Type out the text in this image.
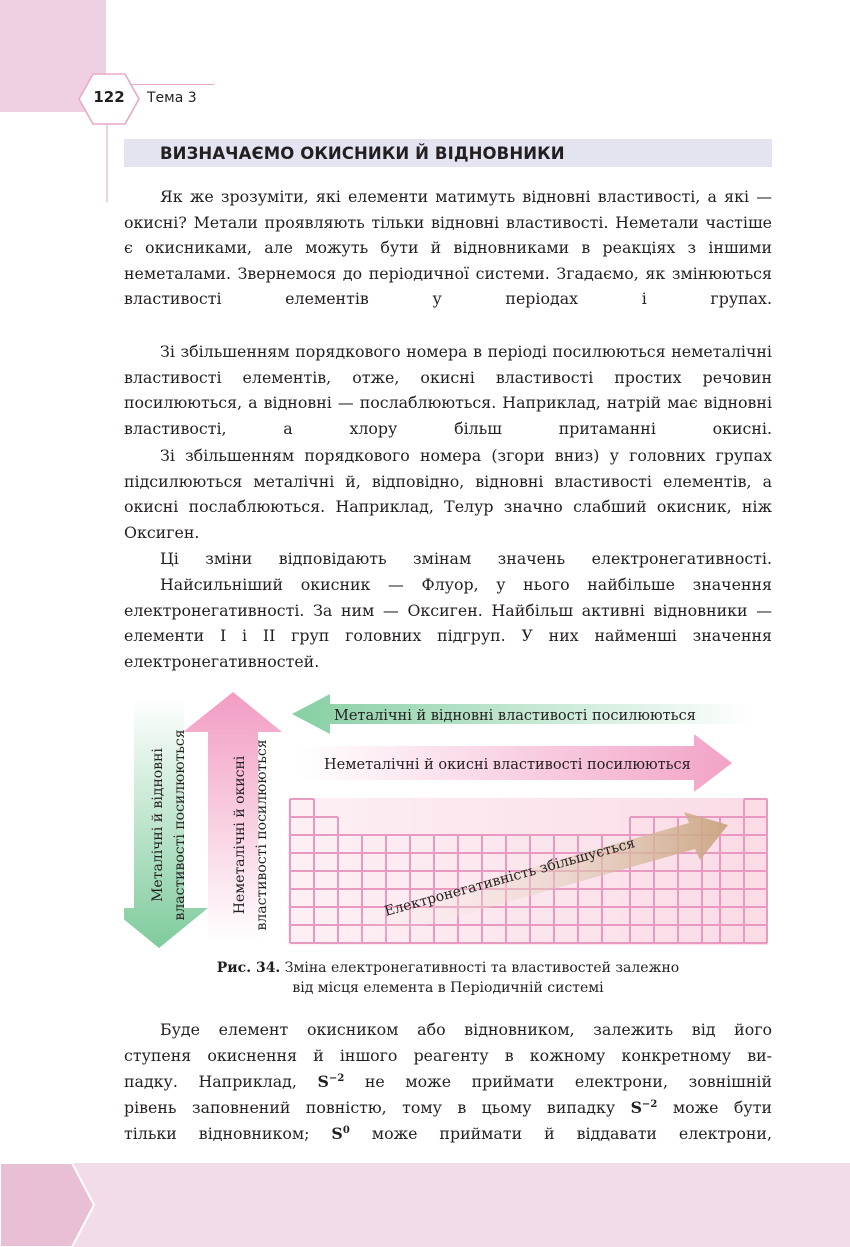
122	Тема 3
ВИЗНАЧАЄМО ОКИСНИКИ Й ВІДНОВНИКИ

Як же зрозуміти, які елементи матимуть відновні властивості, а які — окисні? Метали проявляють тільки відновні властивості. Неметали частіше є окисниками, але можуть бути й відновниками в реакціях з іншими неметалами. Звернемося до періодичної системи. Згадаємо, як змінюються властивості елементів у періодах і групах.

Зі збільшенням порядкового номера в періоді посилюються неметалічні властивості елементів, отже, окисні властивості простих речовин посилюються, а відновні — послаблюються. Наприклад, натрій має відновні властивості, а хлору більш притаманні окисні.

Зі збільшенням порядкового номера (згори вниз) у головних групах підсилюються металічні й, відповідно, відновні властивості елементів, а окисні послаблюються. Наприклад, Телур значно слабший окисник, ніж Оксиген.

Ці зміни відповідають змінам значень електронегативності.

Найсильніший окисник — Флуор, у нього найбільше значення електронегативності. За ним — Оксиген. Найбільш активні відновники — елементи I і II груп головних підгруп. У них найменші значення електронегативностей.

Металічні й відновні властивості посилюються
Неметалічні й окисні властивості посилюються
Металічні й відновні властивості посилюються	Неметалічні й окисні властивості посилюються	Електронегативність збільшується
Рис. 34. Зміна електронегативності та властивостей залежно
від місця елемента в Періодичній системі
Буде елемент окисником або відновником, залежить від його
ступеня окиснення й іншого реагенту в кожному конкретному ви-
падку. Наприклад, $S^{-2}$ не може приймати електрони, зовнішній
рівень заповнений повністю, тому в цьому випадку $S^{-2}$ може бути
тільки відновником; $S^0$ може приймати й віддавати електрони,
